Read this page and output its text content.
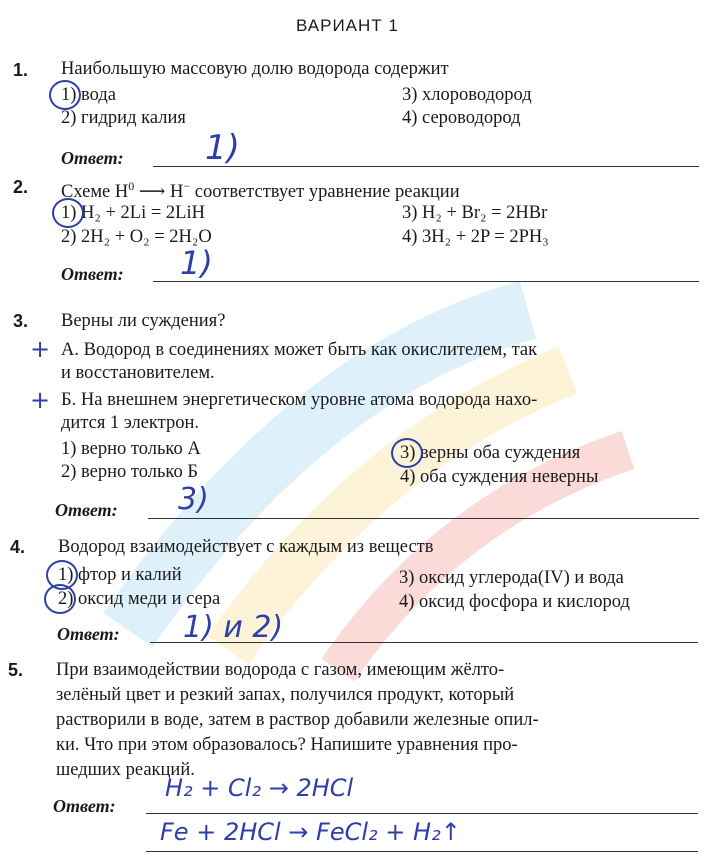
ВАРИАНТ 1
1. Наибольшую массовую долю водорода содержит
1) вода
2) гидрид калия
3) хлороводород
4) сероводород
Ответ: 1)
2. Схеме $H^0$ ⟶ H− соответствует уравнение реакции
1) H₂ + 2Li = 2LiH
2) 2H₂ + O₂ = 2H₂O
3) H₂ + Br₂ = 2HBr
4) 3H₂ + 2P = 2PH₃
Ответ: 1)
3. Верны ли суждения?
+ А. Водород в соединениях может быть как окислителем, так
и восстановителем.
+ Б. На внешнем энергетическом уровне атома водорода нахо-
дится 1 электрон.
1) верно только А
2) верно только Б
3) верны оба суждения
4) оба суждения неверны
Ответ: 3)
4. Водород взаимодействует с каждым из веществ
1) фтор и калий
2) оксид меди и сера
3) оксид углерода(IV) и вода
4) оксид фосфора и кислород
Ответ: 1) и 2)
5. При взаимодействии водорода с газом, имеющим жёлто-
зелёный цвет и резкий запах, получился продукт, который
растворили в воде, затем в раствор добавили железные опил-
ки. Что при этом образовалось? Напишите уравнения про-
шедших реакций.
Ответ:
H₂ + Cl₂ → 2HCl
Fe + 2HCl → FeCl₂ + H₂↑
